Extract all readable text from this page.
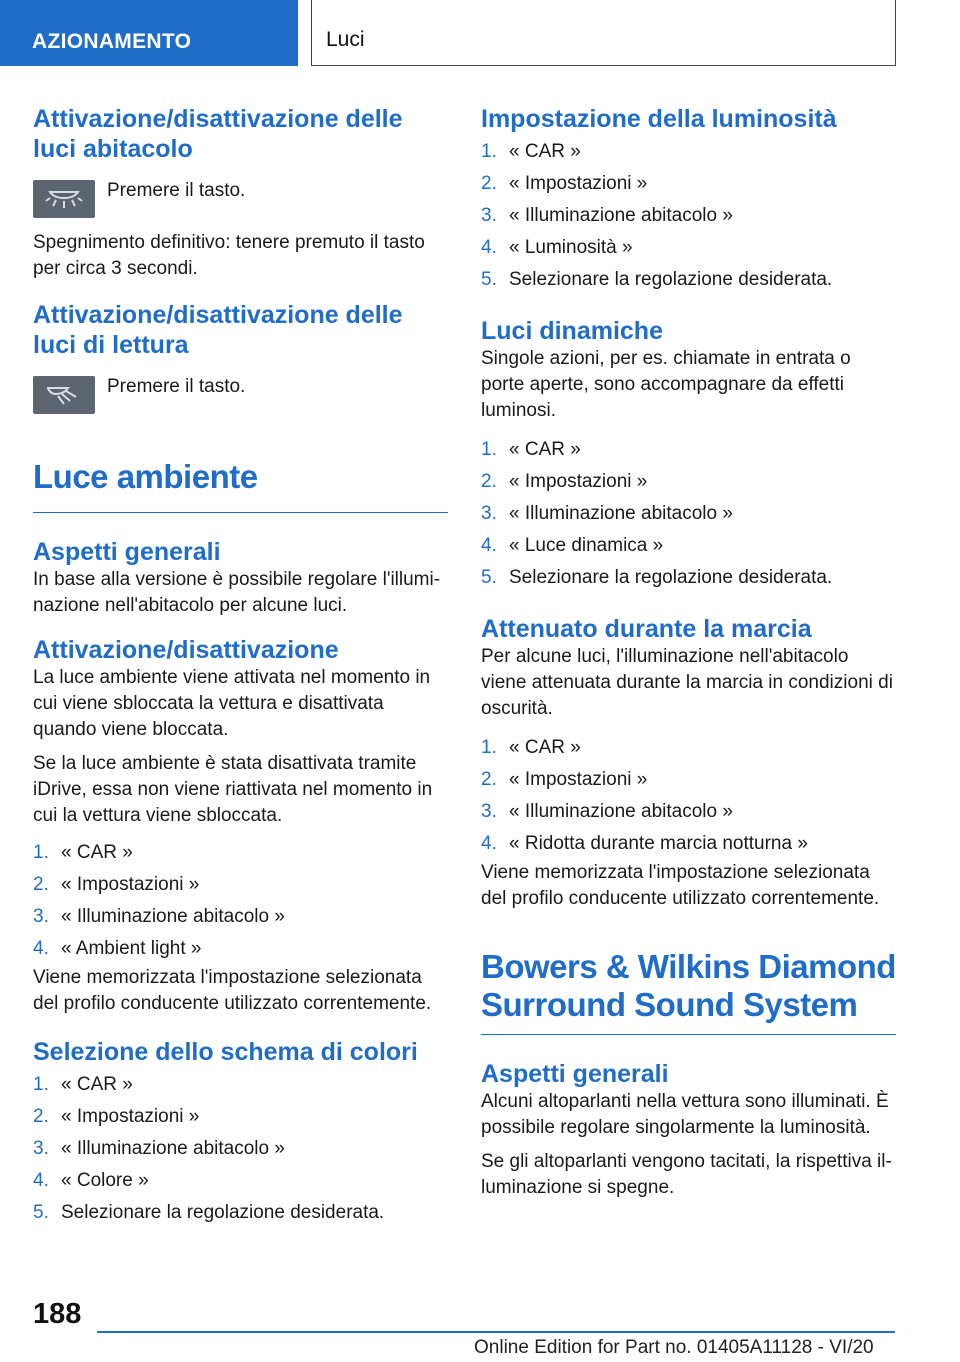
AZIONAMENTO	Luci
Attivazione/disattivazione delle luci abitacolo

Premere il tasto.

Spegnimento definitivo: tenere premuto il tasto per circa 3 secondi.

Attivazione/disattivazione delle luci di lettura

Premere il tasto.

Luce ambiente
Aspetti generali

In base alla versione è possibile regolare l'illuminazione nell'abitacolo per alcune luci.

Attivazione/disattivazione

La luce ambiente viene attivata nel momento in cui viene sbloccata la vettura e disattivata quando viene bloccata.

Se la luce ambiente è stata disattivata tramite iDrive, essa non viene riattivata nel momento in cui la vettura viene sbloccata.

1. « CAR »
2. « Impostazioni »
3. « Illuminazione abitacolo »
4. « Ambient light »

Viene memorizzata l'impostazione selezionata del profilo conducente utilizzato correntemente.

Selezione dello schema di colori
1. « CAR »
2. « Impostazioni »
3. « Illuminazione abitacolo »
4. « Colore »
5. Selezionare la regolazione desiderata.
Impostazione della luminosità
1. « CAR »
2. « Impostazioni »
3. « Illuminazione abitacolo »
4. « Luminosità »
5. Selezionare la regolazione desiderata.
Luci dinamiche

Singole azioni, per es. chiamate in entrata o porte aperte, sono accompagnare da effetti luminosi.

1. « CAR »
2. « Impostazioni »
3. « Illuminazione abitacolo »
4. « Luce dinamica »
5. Selezionare la regolazione desiderata.
Attenuato durante la marcia

Per alcune luci, l'illuminazione nell'abitacolo viene attenuata durante la marcia in condizioni di oscurità.

1. « CAR »
2. « Impostazioni »
3. « Illuminazione abitacolo »
4. « Ridotta durante marcia notturna »

Viene memorizzata l'impostazione selezionata del profilo conducente utilizzato correntemente.

Bowers & Wilkins Diamond Surround Sound System
Aspetti generali

Alcuni altoparlanti nella vettura sono illuminati. È possibile regolare singolarmente la luminosità.

Se gli altoparlanti vengono tacitati, la rispettiva illuminazione si spegne.

188
Online Edition for Part no. 01405A11128 - VI/20
